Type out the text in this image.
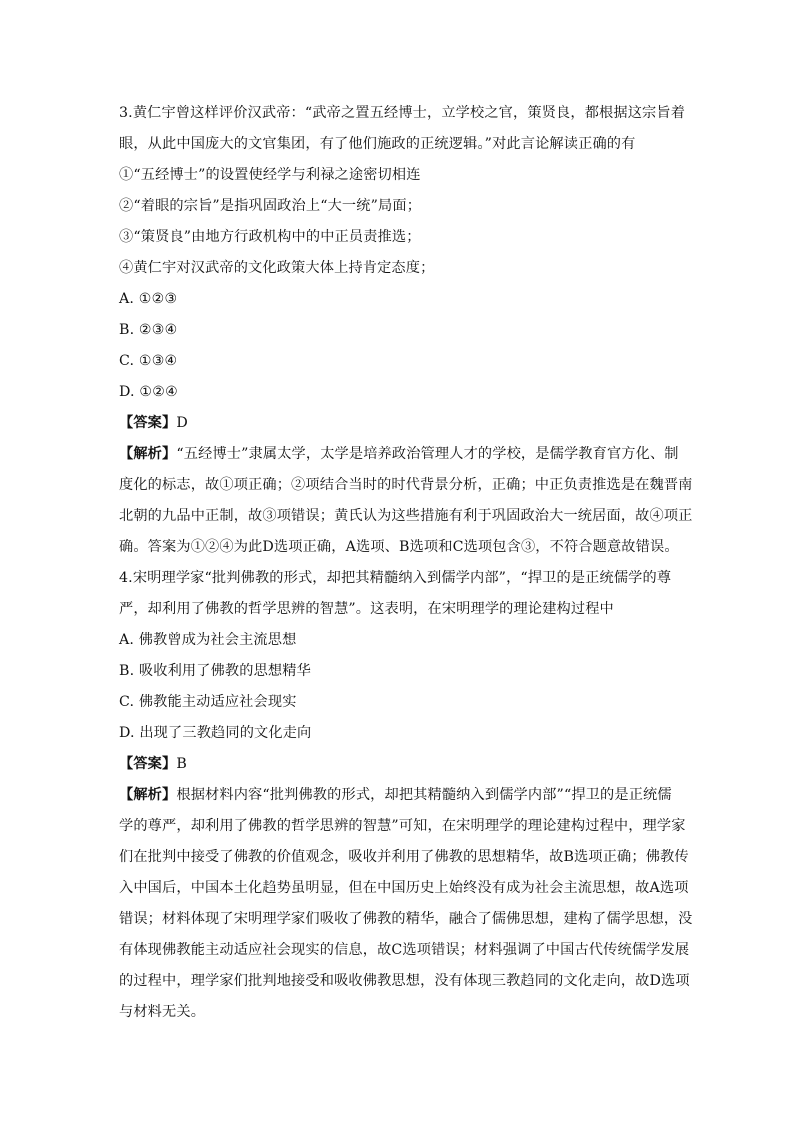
3.黄仁宇曾这样评价汉武帝：“武帝之置五经博士，立学校之官，策贤良，都根据这宗旨着
眼，从此中国庞大的文官集团，有了他们施政的正统逻辑。”对此言论解读正确的有
①“五经博士”的设置使经学与利禄之途密切相连
②“着眼的宗旨”是指巩固政治上“大一统”局面；
③“策贤良”由地方行政机构中的中正员责推选；
④黄仁宇对汉武帝的文化政策大体上持肯定态度；
A. ①②③
B. ②③④
C. ①③④
D. ①②④
【答案】D
【解析】“五经博士”隶属太学，太学是培养政治管理人才的学校，是儒学教育官方化、制
度化的标志，故①项正确；②项结合当时的时代背景分析，正确；中正负责推选是在魏晋南
北朝的九品中正制，故③项错误；黄氏认为这些措施有利于巩固政治大一统居面，故④项正
确。答案为①②④为此D选项正确，A选项、B选项和C选项包含③，不符合题意故错误。
4.宋明理学家“批判佛教的形式，却把其精髓纳入到儒学内部”，“捍卫的是正统儒学的尊
严，却利用了佛教的哲学思辨的智慧”。这表明，在宋明理学的理论建构过程中
A. 佛教曾成为社会主流思想
B. 吸收利用了佛教的思想精华
C. 佛教能主动适应社会现实
D. 出现了三教趋同的文化走向
【答案】B
【解析】根据材料内容“批判佛教的形式，却把其精髓纳入到儒学内部”“捍卫的是正统儒
学的尊严，却利用了佛教的哲学思辨的智慧”可知，在宋明理学的理论建构过程中，理学家
们在批判中接受了佛教的价值观念，吸收并利用了佛教的思想精华，故B选项正确；佛教传
入中国后，中国本土化趋势虽明显，但在中国历史上始终没有成为社会主流思想，故A选项
错误；材料体现了宋明理学家们吸收了佛教的精华，融合了儒佛思想，建构了儒学思想，没
有体现佛教能主动适应社会现实的信息，故C选项错误；材料强调了中国古代传统儒学发展
的过程中，理学家们批判地接受和吸收佛教思想，没有体现三教趋同的文化走向，故D选项
与材料无关。
